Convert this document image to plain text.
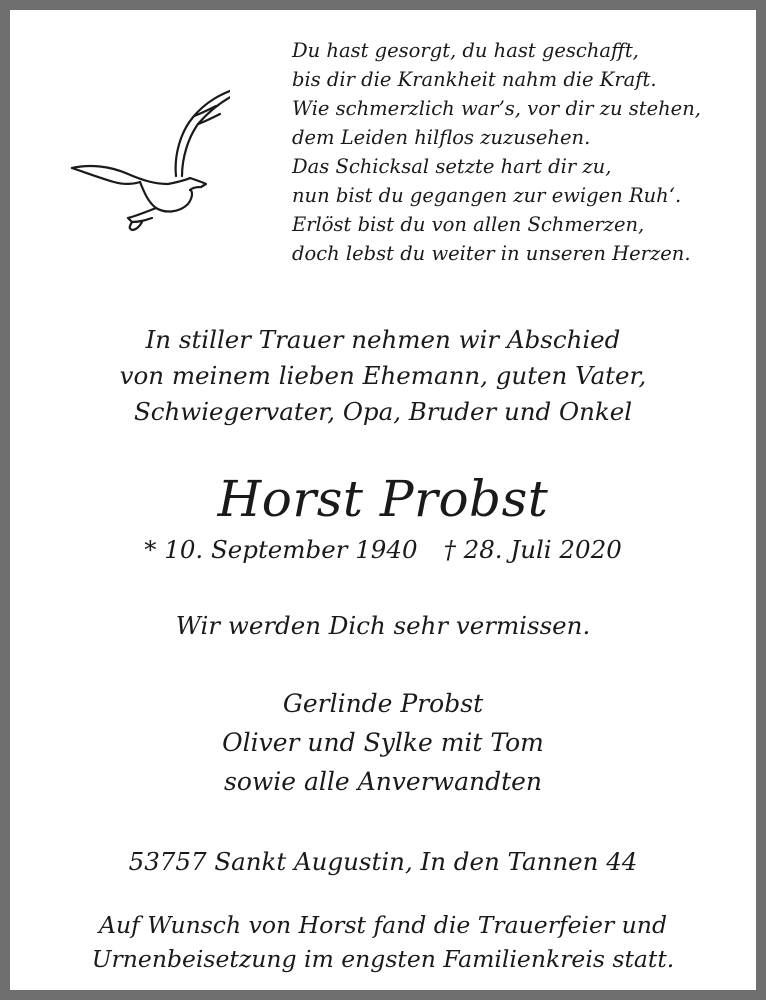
Du hast gesorgt, du hast geschafft,
bis dir die Krankheit nahm die Kraft.
Wie schmerzlich war’s, vor dir zu stehen,
dem Leiden hilflos zuzusehen.
Das Schicksal setzte hart dir zu,
nun bist du gegangen zur ewigen Ruh‘.
Erlöst bist du von allen Schmerzen,
doch lebst du weiter in unseren Herzen.
In stiller Trauer nehmen wir Abschied
von meinem lieben Ehemann, guten Vater,
Schwiegervater, Opa, Bruder und Onkel
Horst Probst
* 10. September 1940 † 28. Juli 2020
Wir werden Dich sehr vermissen.
Gerlinde Probst
Oliver und Sylke mit Tom
sowie alle Anverwandten
53757 Sankt Augustin, In den Tannen 44
Auf Wunsch von Horst fand die Trauerfeier und
Urnenbeisetzung im engsten Familienkreis statt.
